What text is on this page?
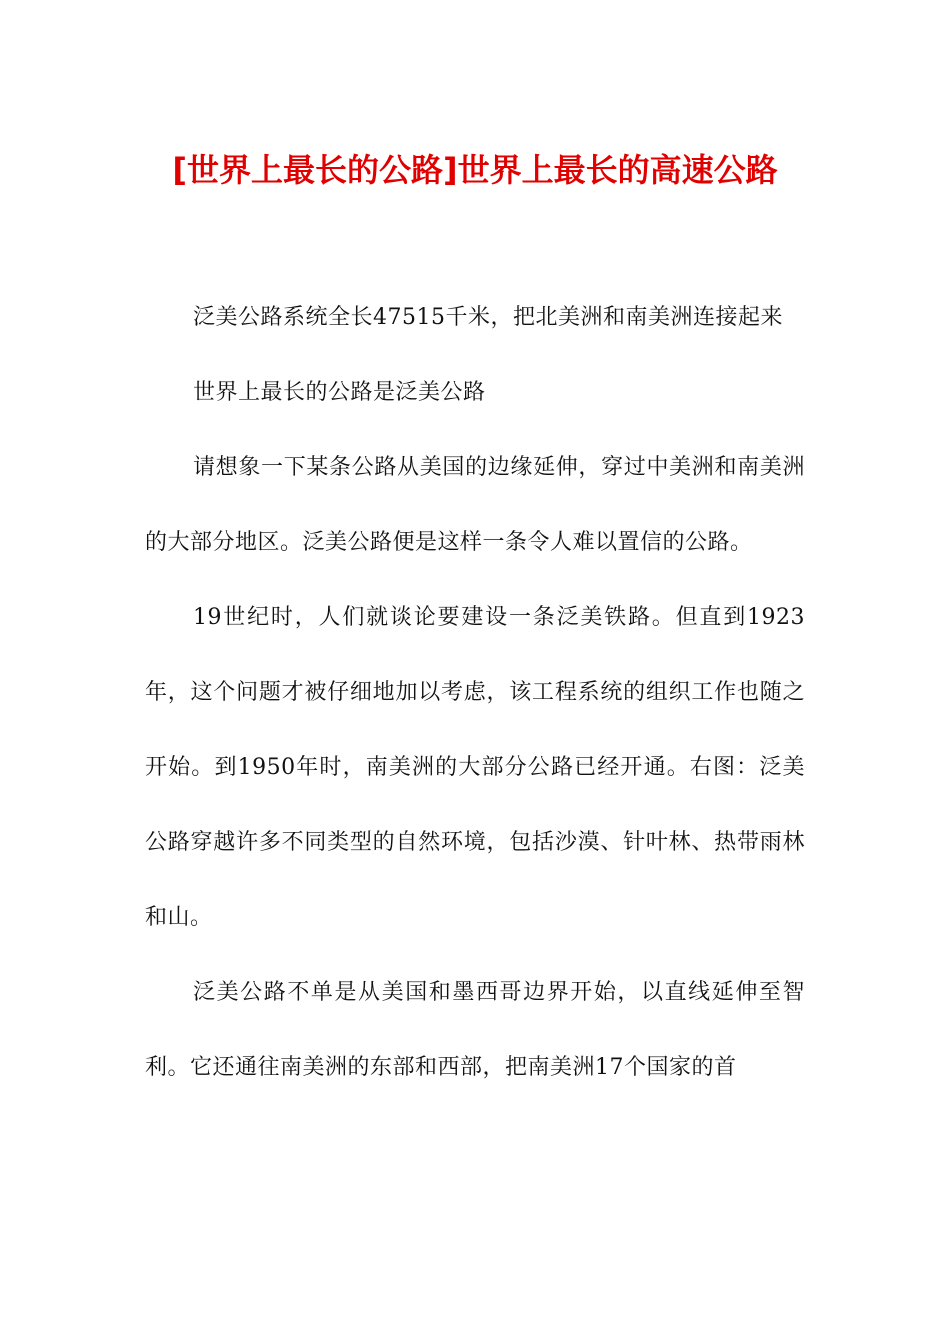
[世界上最长的公路]世界上最长的高速公路

泛美公路系统全长47515千米，把北美洲和南美洲连接起来

世界上最长的公路是泛美公路

请想象一下某条公路从美国的边缘延伸，穿过中美洲和南美洲的大部分地区。泛美公路便是这样一条令人难以置信的公路。

19世纪时，人们就谈论要建设一条泛美铁路。但直到1923年，这个问题才被仔细地加以考虑，该工程系统的组织工作也随之开始。到1950年时，南美洲的大部分公路已经开通。右图：泛美公路穿越许多不同类型的自然环境，包括沙漠、针叶林、热带雨林和山。

泛美公路不单是从美国和墨西哥边界开始，以直线延伸至智利。它还通往南美洲的东部和西部，把南美洲17个国家的首
